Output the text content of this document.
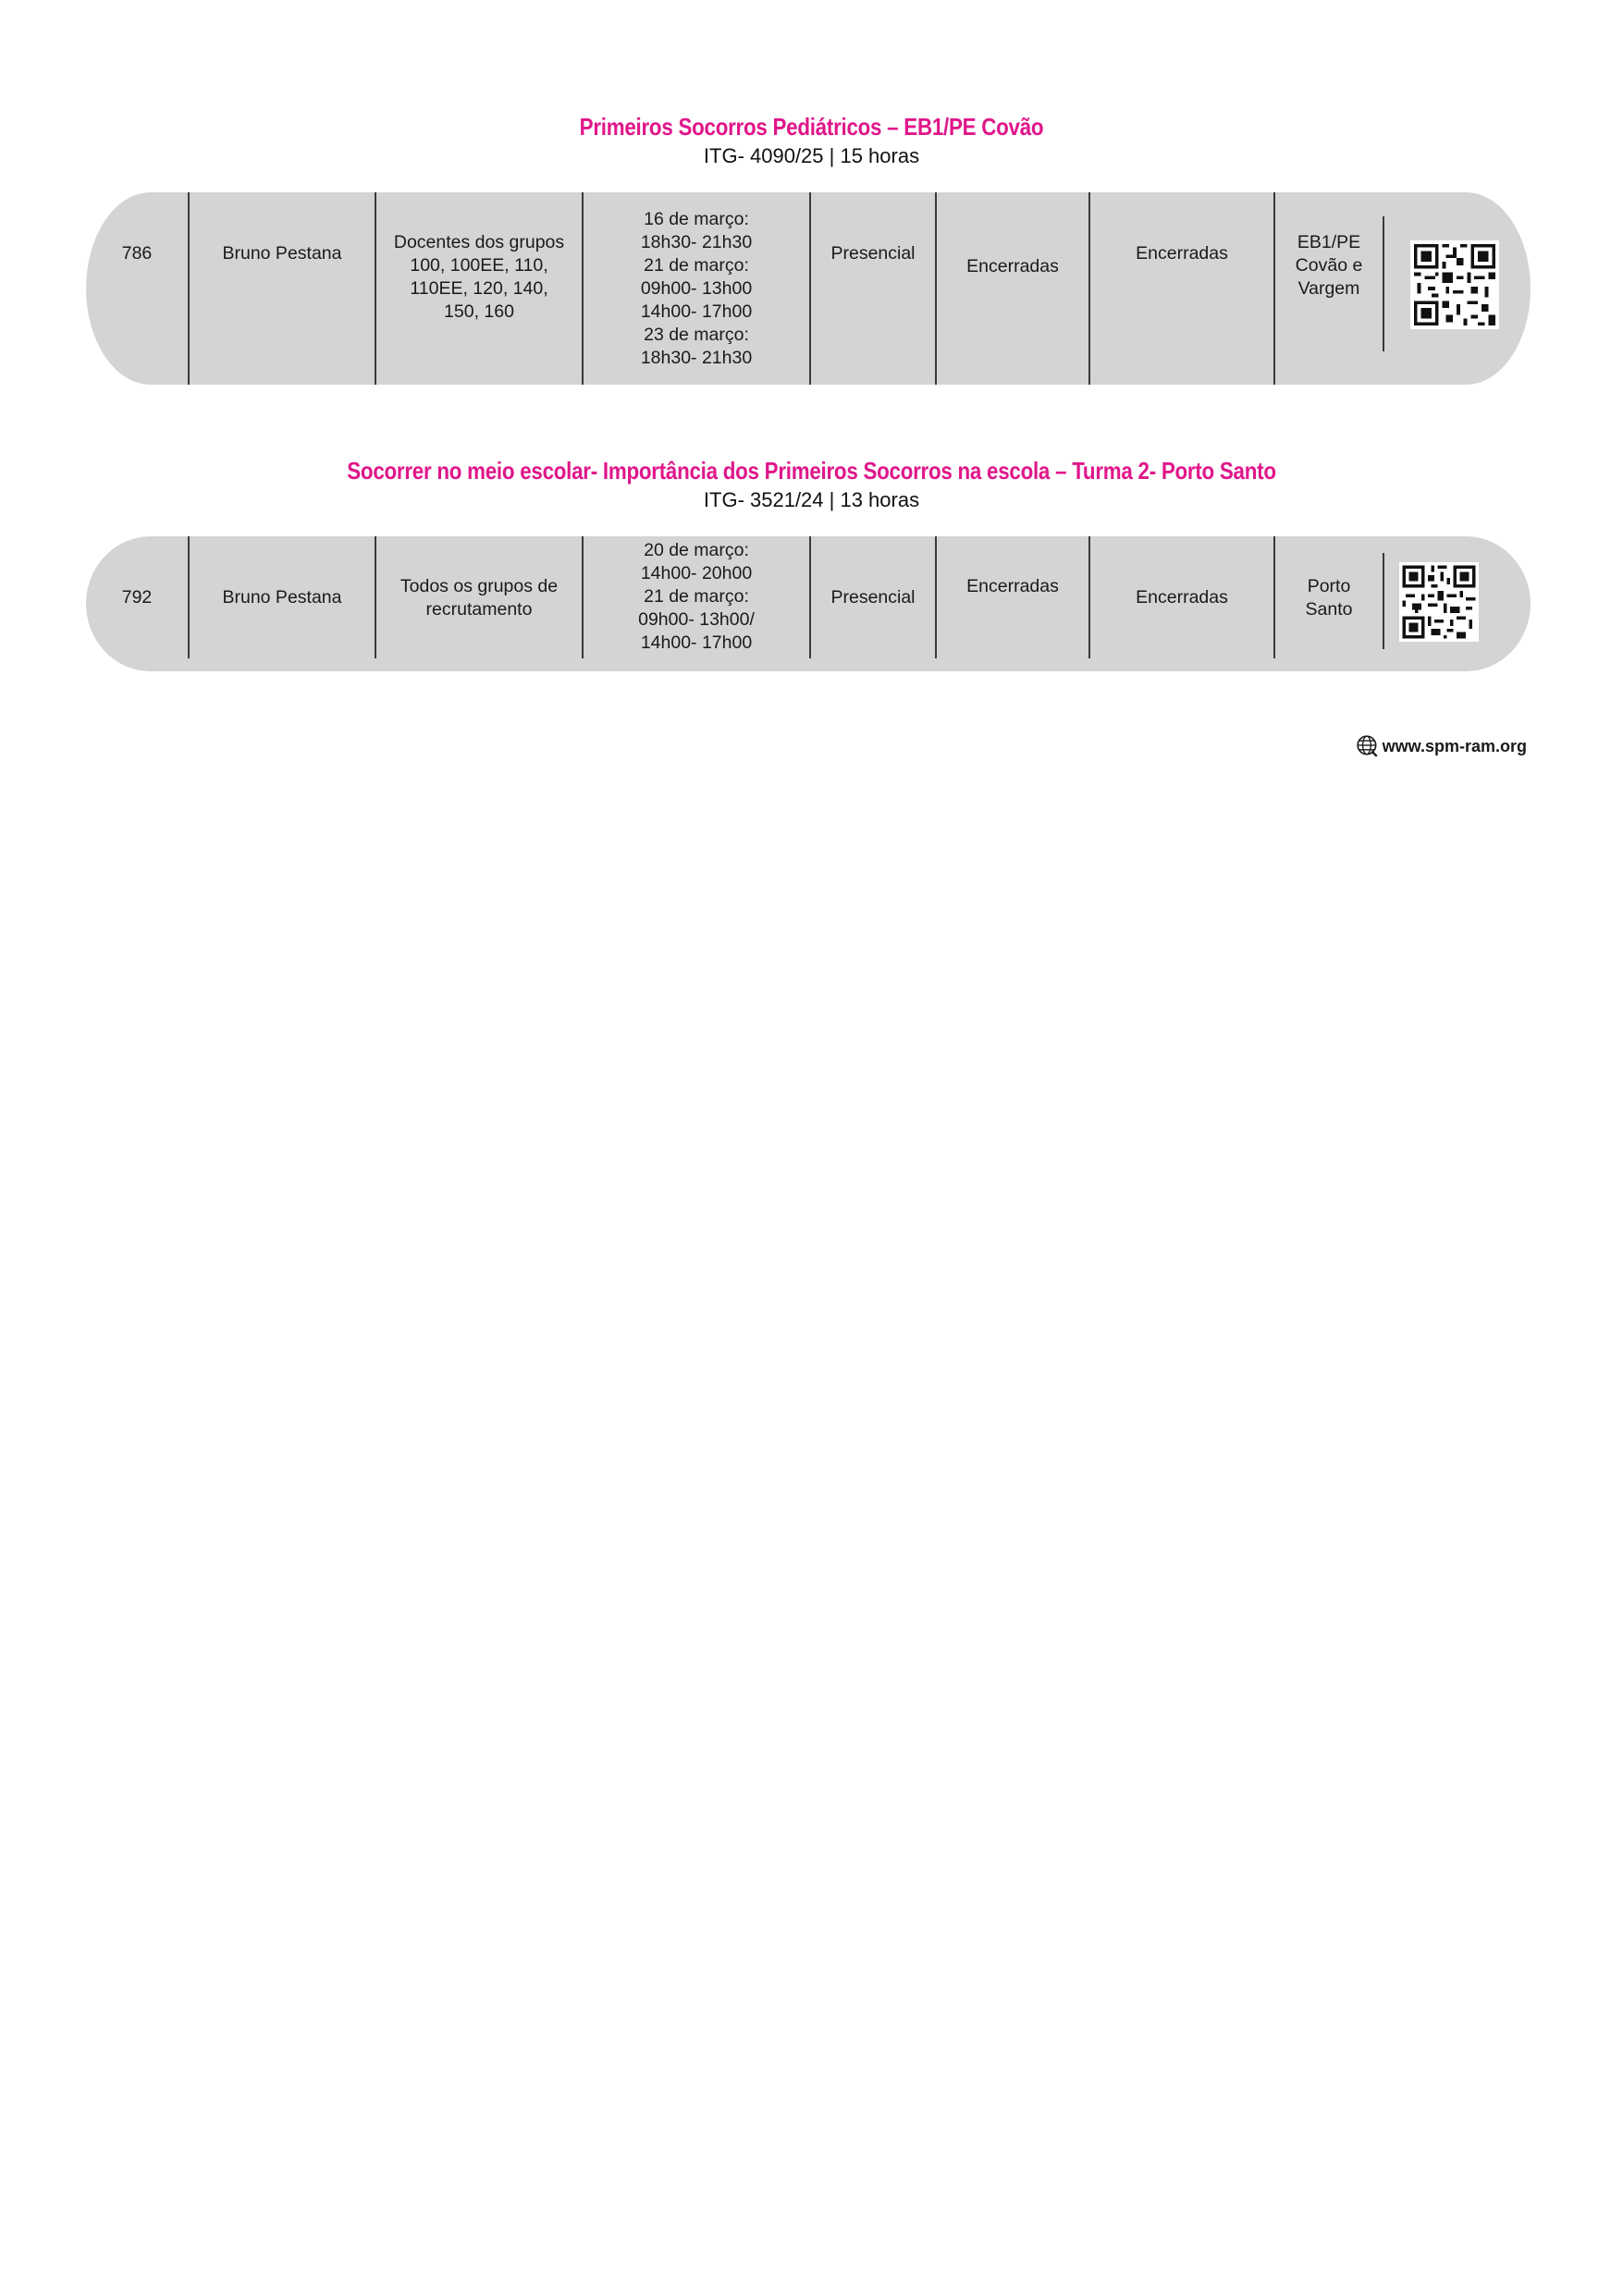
Primeiros Socorros Pediátricos – EB1/PE Covão
ITG- 4090/25 | 15 horas
786	Bruno Pestana
Docentes dos grupos
100, 100EE, 110,
110EE, 120, 140,
150, 160
16 de março:
18h30- 21h30
21 de março:
09h00- 13h00
14h00- 17h00
23 de março:
18h30- 21h30
Presencial
Encerradas
Encerradas
EB1/PE
Covão e
Vargem
Socorrer no meio escolar- Importância dos Primeiros Socorros na escola – Turma 2- Porto Santo
ITG- 3521/24 | 13 horas
792	Bruno Pestana
Todos os grupos de
recrutamento
20 de março:
14h00- 20h00
21 de março:
09h00- 13h00/
14h00- 17h00
Presencial
Encerradas
Encerradas
Porto
Santo
www.spm-ram.org
